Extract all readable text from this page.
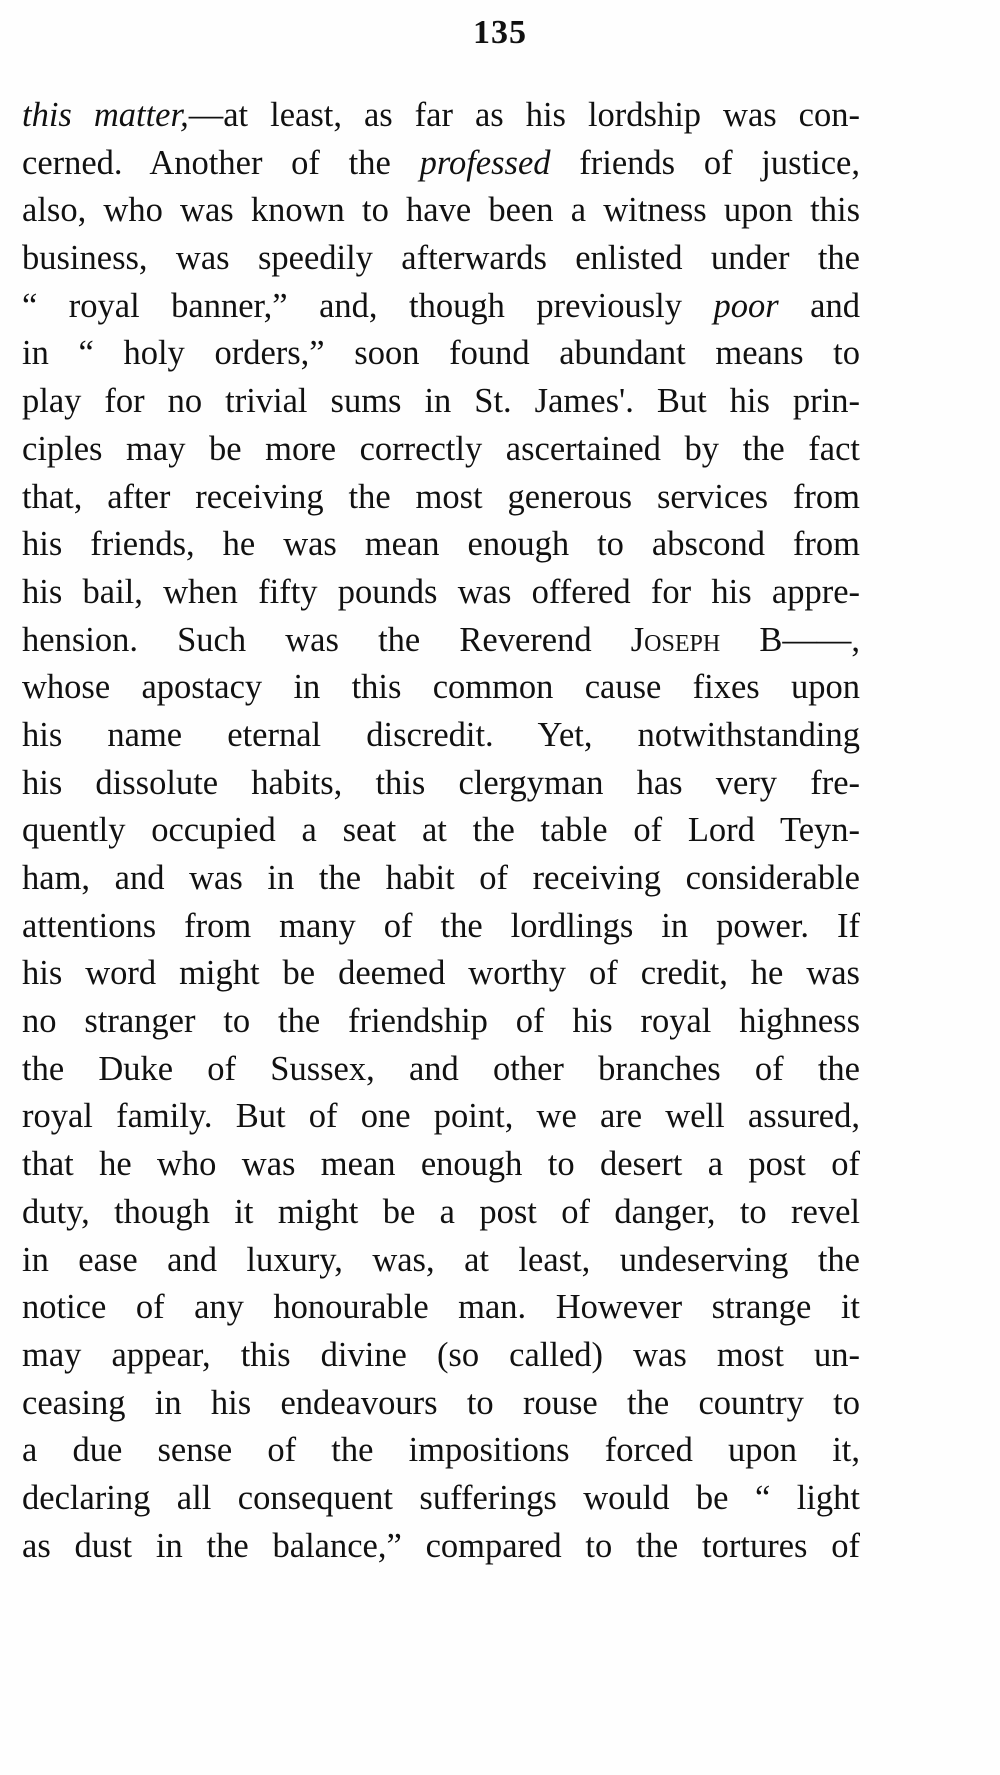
135
this matter,—at least, as far as his lordship was con-
cerned. Another of the professed friends of justice,
also, who was known to have been a witness upon this
business, was speedily afterwards enlisted under the
“ royal banner,” and, though previously poor and
in “ holy orders,” soon found abundant means to
play for no trivial sums in St. James'. But his prin-
ciples may be more correctly ascertained by the fact
that, after receiving the most generous services from
his friends, he was mean enough to abscond from
his bail, when fifty pounds was offered for his appre-
hension. Such was the Reverend Joseph B——,
whose apostacy in this common cause fixes upon
his name eternal discredit. Yet, notwithstanding
his dissolute habits, this clergyman has very fre-
quently occupied a seat at the table of Lord Teyn-
ham, and was in the habit of receiving considerable
attentions from many of the lordlings in power. If
his word might be deemed worthy of credit, he was
no stranger to the friendship of his royal highness
the Duke of Sussex, and other branches of the
royal family. But of one point, we are well assured,
that he who was mean enough to desert a post of
duty, though it might be a post of danger, to revel
in ease and luxury, was, at least, undeserving the
notice of any honourable man. However strange it
may appear, this divine (so called) was most un-
ceasing in his endeavours to rouse the country to
a due sense of the impositions forced upon it,
declaring all consequent sufferings would be “ light
as dust in the balance,” compared to the tortures of
